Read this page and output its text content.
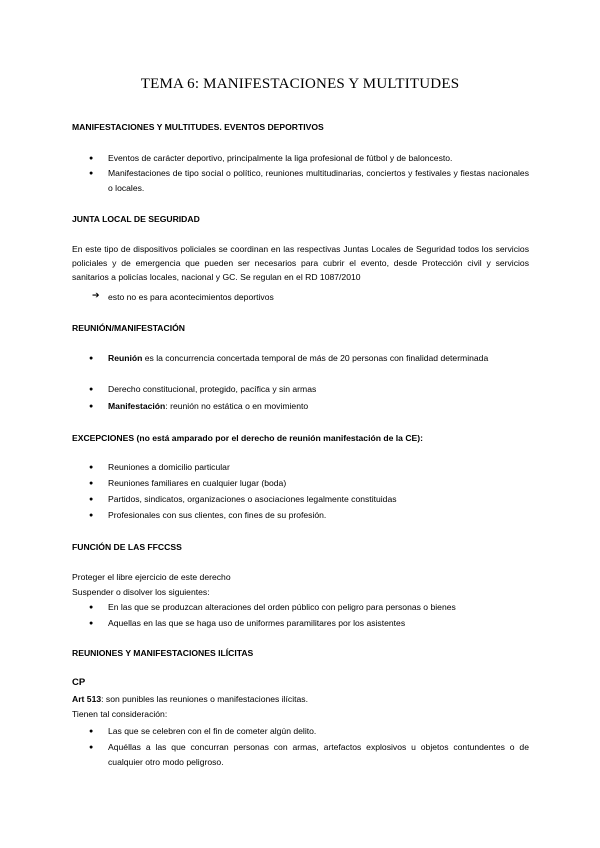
TEMA 6: MANIFESTACIONES Y MULTITUDES
MANIFESTACIONES Y MULTITUDES. EVENTOS DEPORTIVOS
● Eventos de carácter deportivo, principalmente la liga profesional de fútbol y de baloncesto.
● Manifestaciones de tipo social o político, reuniones multitudinarias, conciertos y festivales y fiestas nacionales o locales.
JUNTA LOCAL DE SEGURIDAD
En este tipo de dispositivos policiales se coordinan en las respectivas Juntas Locales de Seguridad todos los servicios policiales y de emergencia que pueden ser necesarios para cubrir el evento, desde Protección civil y servicios sanitarios a policías locales, nacional y GC. Se regulan en el RD 1087/2010
➔ esto no es para acontecimientos deportivos
REUNIÓN/MANIFESTACIÓN
● Reunión es la concurrencia concertada temporal de más de 20 personas con finalidad determinada
● Derecho constitucional, protegido, pacífica y sin armas
● Manifestación: reunión no estática o en movimiento
EXCEPCIONES (no está amparado por el derecho de reunión manifestación de la CE):
● Reuniones a domicilio particular
● Reuniones familiares en cualquier lugar (boda)
● Partidos, sindicatos, organizaciones o asociaciones legalmente constituidas
● Profesionales con sus clientes, con fines de su profesión.
FUNCIÓN DE LAS FFCCSS
Proteger el libre ejercicio de este derecho
Suspender o disolver los siguientes:
● En las que se produzcan alteraciones del orden público con peligro para personas o bienes
● Aquellas en las que se haga uso de uniformes paramilitares por los asistentes
REUNIONES Y MANIFESTACIONES ILÍCITAS
CP
Art 513: son punibles las reuniones o manifestaciones ilícitas.
Tienen tal consideración:
● Las que se celebren con el fin de cometer algún delito.
● Aquéllas a las que concurran personas con armas, artefactos explosivos u objetos contundentes o de cualquier otro modo peligroso.
